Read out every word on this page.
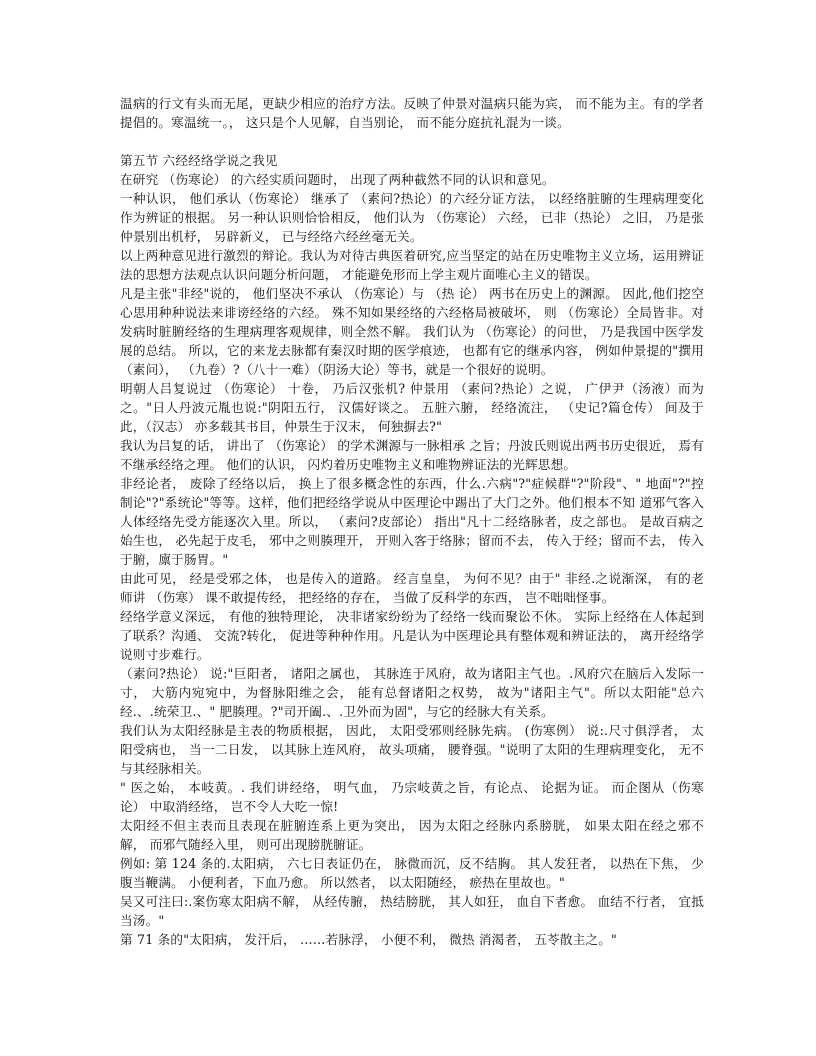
温病的行文有头而无尾，更缺少相应的治疗方法。反映了仲景对温病只能为宾， 而不能为主。有的学者提倡的。寒温统一。， 这只是个人见解，自当别论， 而不能分庭抗礼混为一谈。

第五节 六经经络学说之我见

在研究 （伤寒论） 的六经实质问题时， 出现了两种截然不同的认识和意见。

一种认识， 他们承认（伤寒论） 继承了 （素问?热论）的六经分证方法， 以经络脏腑的生理病理变化作为辨证的根据。 另一种认识则恰恰相反， 他们认为 （伤寒论） 六经， 已非（热论） 之旧， 乃是张仲景别出机杼， 另辟新义， 已与经络六经丝毫无关。

以上两种意见进行激烈的辩论。我认为对待古典医着研究,应当坚定的站在历史唯物主义立场，运用辨证法的思想方法观点认识问题分析问题， 才能避免形而上学主观片面唯心主义的错误。

凡是主张"非经"说的， 他们坚决不承认 （伤寒论）与 （热 论） 两书在历史上的渊源。 因此,他们挖空心思用种种说法来诽谤经络的六经。 殊不知如果经络的六经格局被破坏， 则 （伤寒论）全局皆非。对发病时脏腑经络的生理病理客观规律，则全然不解。 我们认为 （伤寒论）的问世， 乃是我国中医学发展的总结。 所以，它的来龙去脉都有秦汉时期的医学痕迹， 也都有它的继承内容， 例如仲景提的"撰用 （素问）， （九卷）?（八十一难）（阴汤大论）等书，就是一个很好的说明。

明朝人吕复说过 （伤寒论） 十卷， 乃后汉张机? 仲景用 （素问?热论）之说， 广伊尹（汤液）而为之。"日人丹波元胤也说:"阴阳五行， 汉儒好谈之。 五脏六腑， 经络流注， （史记?篇仓传） 间及于此，（汉志） 亦多载其书目，仲景生于汉末， 何独摒去?"

我认为吕复的话， 讲出了 （伤寒论） 的学术渊源与一脉相承 之旨；丹波氏则说出两书历史很近， 焉有不继承经络之理。 他们的认识， 闪灼着历史唯物主义和唯物辨证法的光辉思想。

非经论者， 废除了经络以后， 换上了很多概念性的东西，什么.六病"?"症候群"?"阶段"、" 地面"?"控制论"?"系统论"等等。这样，他们把经络学说从中医理论中踢出了大门之外。他们根本不知 道邪气客入人体经络先受方能逐次入里。所以， （素问?皮部论） 指出"凡十二经络脉者，皮之部也。 是故百病之始生也， 必先起于皮毛， 邪中之则腠理开， 开则入客于络脉；留而不去， 传入于经；留而不去， 传入于腑，廪于肠胃。"

由此可见， 经是受邪之体， 也是传入的道路。 经言皇皇， 为何不见？由于" 非经.之说渐深， 有的老师讲 （伤寒） 课不敢提传经， 把经络的存在， 当做了反科学的东西， 岂不咄咄怪事。

经络学意义深远， 有他的独特理论， 决非诸家纷纷为了经络一线而聚讼不休。 实际上经络在人体起到了联系？沟通、 交流?转化， 促进等种种作用。凡是认为中医理论具有整体观和辨证法的， 离开经络学说则寸步难行。

（素问?热论） 说:"巨阳者， 诸阳之属也， 其脉连于风府，故为诸阳主气也。.风府穴在脑后入发际一寸， 大筋内宛宛中，为督脉阳维之会， 能有总督诸阳之权势， 故为"诸阳主气"。所以太阳能"总六经.、.统荣卫.、" 肥腠理。?"司开阖.、.卫外而为固"，与它的经脉大有关系。

我们认为太阳经脉是主表的物质根据， 因此， 太阳受邪则经脉先病。 (伤寒例） 说:.尺寸俱浮者， 太阳受病也， 当一二日发， 以其脉上连风府， 故头项痛， 腰脊强。"说明了太阳的生理病理变化， 无不与其经脉相关。

" 医之始， 本岐黄。. 我们讲经络， 明气血， 乃宗岐黄之旨，有论点、 论据为证。 而企图从（伤寒论） 中取消经络， 岂不令人大吃一惊!

太阳经不但主表而且表现在脏腑连系上更为突出， 因为太阳之经脉内系膀胱， 如果太阳在经之邪不解， 而邪气随经入里， 则可出现膀胱腑证。

例如: 第 124 条的.太阳病， 六七日表证仍在， 脉微而沉，反不结胸。 其人发狂者， 以热在下焦， 少腹当鞭满。 小便利者，下血乃愈。 所以然者， 以太阳随经， 瘀热在里故也。"

吴又可注曰:.案伤寒太阳病不解， 从经传腑， 热结膀胱， 其人如狂， 血自下者愈。 血结不行者， 宜抵当汤。"

第 71 条的"太阳病， 发汗后， ……若脉浮， 小便不利， 微热 消渴者， 五苓散主之。"
